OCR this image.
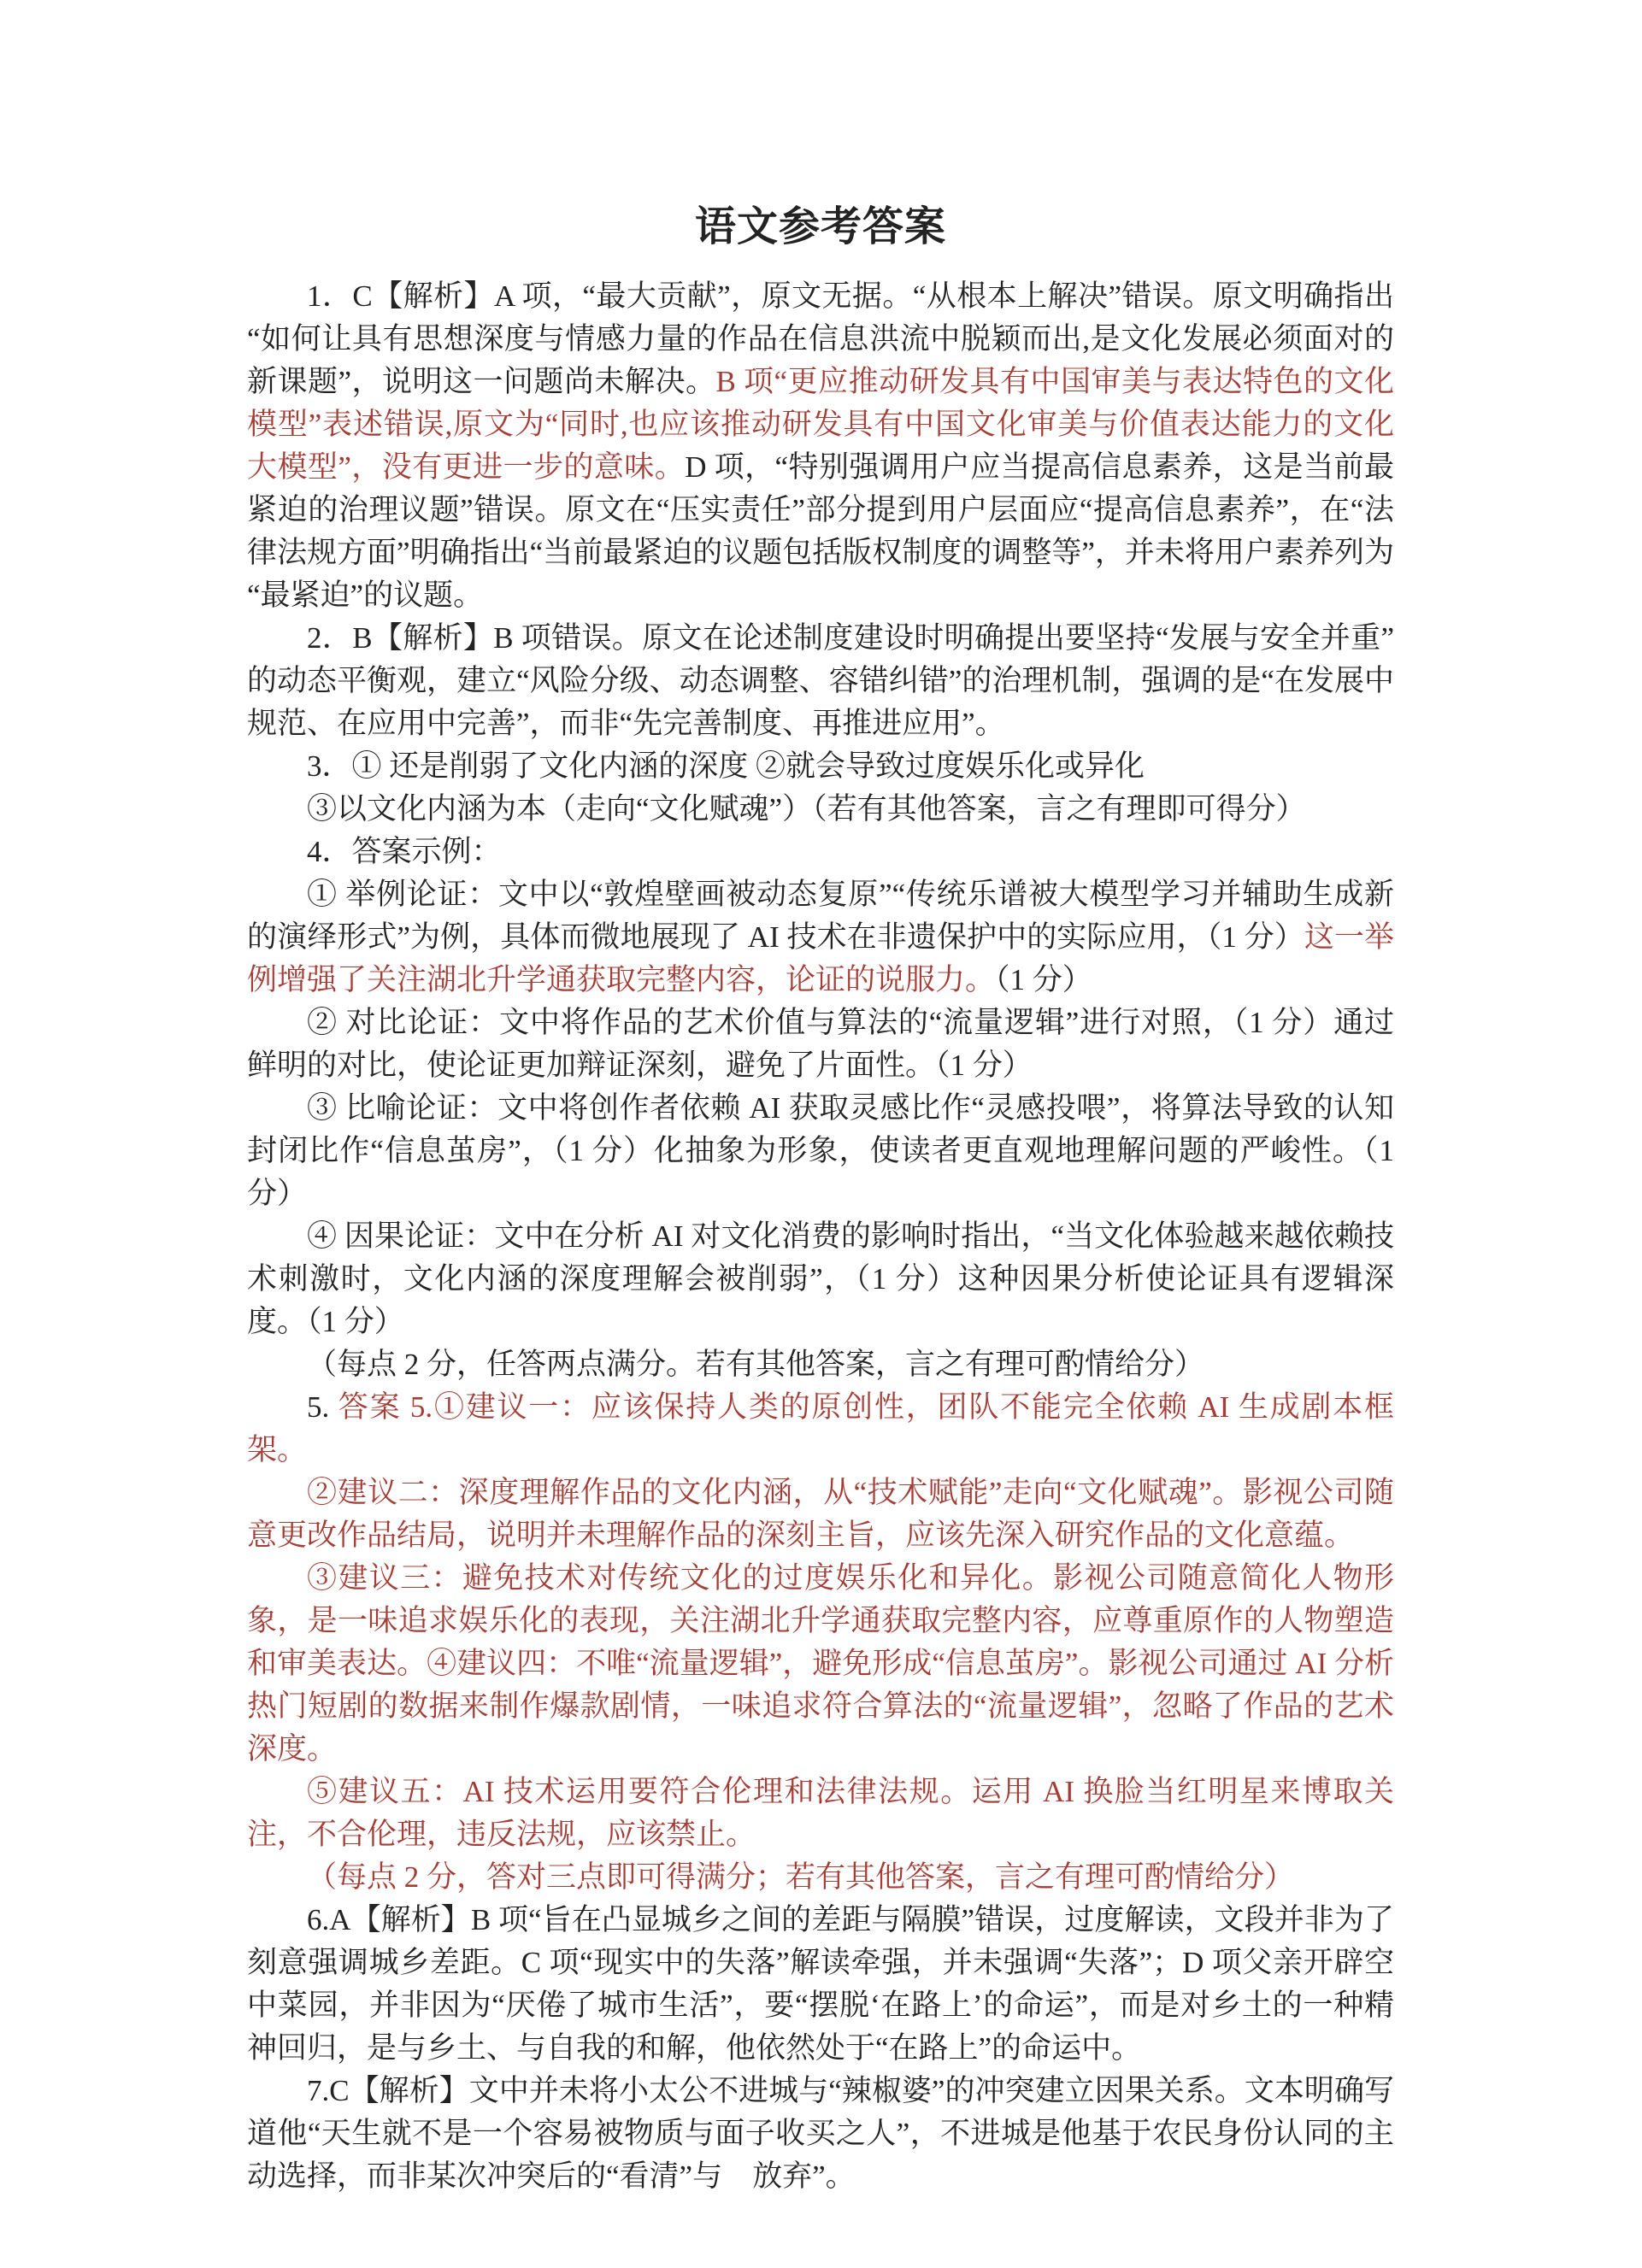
语文参考答案

1．C【解析】A 项，“最大贡献”，原文无据。“从根本上解决”错误。原文明确指出“如何让具有思想深度与情感力量的作品在信息洪流中脱颖而出,是文化发展必须面对的新课题”，说明这一问题尚未解决。B 项“更应推动研发具有中国审美与表达特色的文化模型”表述错误,原文为“同时,也应该推动研发具有中国文化审美与价值表达能力的文化大模型”，没有更进一步的意味。D 项，“特别强调用户应当提高信息素养，这是当前最紧迫的治理议题”错误。原文在“压实责任”部分提到用户层面应“提高信息素养”，在“法律法规方面”明确指出“当前最紧迫的议题包括版权制度的调整等”，并未将用户素养列为“最紧迫”的议题。

2．B【解析】B 项错误。原文在论述制度建设时明确提出要坚持“发展与安全并重”的动态平衡观，建立“风险分级、动态调整、容错纠错”的治理机制，强调的是“在发展中规范、在应用中完善”，而非“先完善制度、再推进应用”。

3．① 还是削弱了文化内涵的深度 ②就会导致过度娱乐化或异化

③以文化内涵为本（走向“文化赋魂”）（若有其他答案，言之有理即可得分）

4．答案示例：

① 举例论证：文中以“敦煌壁画被动态复原”“传统乐谱被大模型学习并辅助生成新的演绎形式”为例，具体而微地展现了 AI 技术在非遗保护中的实际应用，（1 分）这一举例增强了关注湖北升学通获取完整内容，论证的说服力。（1 分）

② 对比论证：文中将作品的艺术价值与算法的“流量逻辑”进行对照，（1 分）通过鲜明的对比，使论证更加辩证深刻，避免了片面性。（1 分）

③ 比喻论证：文中将创作者依赖 AI 获取灵感比作“灵感投喂”，将算法导致的认知封闭比作“信息茧房”，（1 分）化抽象为形象，使读者更直观地理解问题的严峻性。（1 分）

④ 因果论证：文中在分析 AI 对文化消费的影响时指出，“当文化体验越来越依赖技术刺激时，文化内涵的深度理解会被削弱”，（1 分）这种因果分析使论证具有逻辑深度。（1 分）

（每点 2 分，任答两点满分。若有其他答案，言之有理可酌情给分）

5. 答案 5.①建议一：应该保持人类的原创性，团队不能完全依赖 AI 生成剧本框架。

②建议二：深度理解作品的文化内涵，从“技术赋能”走向“文化赋魂”。影视公司随意更改作品结局，说明并未理解作品的深刻主旨，应该先深入研究作品的文化意蕴。

③建议三：避免技术对传统文化的过度娱乐化和异化。影视公司随意简化人物形象，是一味追求娱乐化的表现，关注湖北升学通获取完整内容，应尊重原作的人物塑造和审美表达。④建议四：不唯“流量逻辑”，避免形成“信息茧房”。影视公司通过 AI 分析热门短剧的数据来制作爆款剧情，一味追求符合算法的“流量逻辑”，忽略了作品的艺术深度。

⑤建议五：AI 技术运用要符合伦理和法律法规。运用 AI 换脸当红明星来博取关注，不合伦理，违反法规，应该禁止。

（每点 2 分，答对三点即可得满分；若有其他答案，言之有理可酌情给分）

6.A【解析】B 项“旨在凸显城乡之间的差距与隔膜”错误，过度解读，文段并非为了刻意强调城乡差距。C 项“现实中的失落”解读牵强，并未强调“失落”；D 项父亲开辟空中菜园，并非因为“厌倦了城市生活”，要“摆脱‘在路上’的命运”，而是对乡土的一种精神回归，是与乡土、与自我的和解，他依然处于“在路上”的命运中。

7.C【解析】文中并未将小太公不进城与“辣椒婆”的冲突建立因果关系。文本明确写道他“天生就不是一个容易被物质与面子收买之人”，不进城是他基于农民身份认同的主动选择，而非某次冲突后的“看清”与　放弃”。
